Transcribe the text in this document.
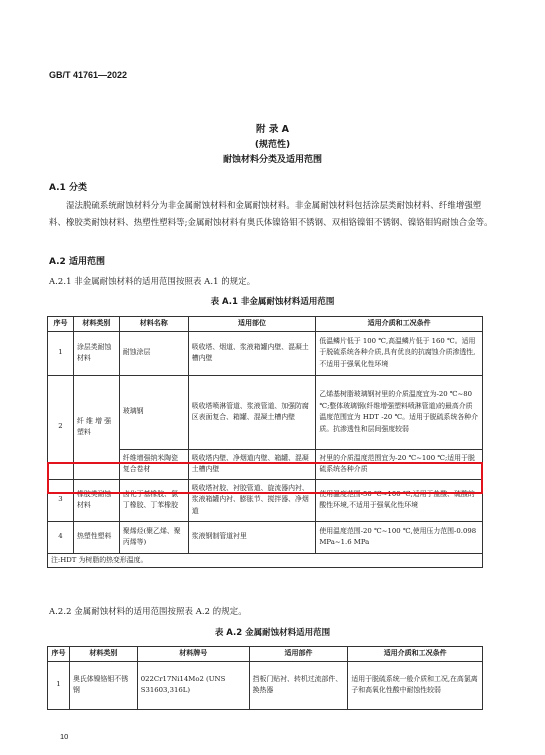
GB/T 41761—2022
附 录 A
(规范性)
耐蚀材料分类及适用范围
A.1 分类
湿法脱硫系统耐蚀材料分为非金属耐蚀材料和金属耐蚀材料。非金属耐蚀材料包括涂层类耐蚀材料、纤维增强塑料、橡胶类耐蚀材料、热塑性塑料等;金属耐蚀材料有奥氏体镍铬钼不锈钢、双相铬镍钼不锈钢、镍铬钼钨耐蚀合金等。
A.2 适用范围
A.2.1 非金属耐蚀材料的适用范围按照表 A.1 的规定。
表 A.1 非金属耐蚀材料适用范围
序号	材料类别	材料名称	适用部位	适用介质和工况条件
1	涂层类耐蚀材料	耐蚀涂层	吸收塔、烟道、浆液箱罐内壁、混凝土槽内壁	低温鳞片低于 100 ℃,高温鳞片低于 160 ℃。适用于脱硫系统各种介质,具有优良的抗腐蚀介质渗透性,不适用于强氧化性环境
2	纤 维 增 强 塑料	玻璃钢	吸收塔喷淋管道、浆液管道、加强防腐区表面复合、箱罐、混凝土槽内壁	乙烯基树脂玻璃钢衬里的介质温度宜为-20 ℃~80 ℃;整体玻璃钢(纤维增强塑料喷淋管道)的最高介质温度范围宜为 HDT -20 ℃。适用于脱硫系统各种介质。抗渗透性和层间强度较弱
		纤维增强纳米陶瓷复合卷材	吸收塔内壁、净烟道内壁、箱罐、混凝土槽内壁	衬里的介质温度范围宜为-20 ℃~100 ℃;适用于脱硫系统各种介质
3	橡胶类耐蚀材料	卤化丁基橡胶、氯丁橡胶、丁苯橡胶	吸收塔衬胶、衬胶管道、旋流器内衬、浆液箱罐内衬、膨胀节、搅拌器、净烟道	使用温度范围-50 ℃~100 ℃,适用于盐酸、硫酸的酸性环境,不适用于强氧化性环境
4	热塑性塑料	聚烯烃(聚乙烯、聚丙烯等)	浆液钢制管道衬里	使用温度范围-20 ℃~100 ℃,使用压力范围-0.098 MPa~1.6 MPa
注:HDT 为树脂的热变形温度。				
A.2.2 金属耐蚀材料的适用范围按照表 A.2 的规定。
表 A.2 金属耐蚀材料适用范围
序号	材料类别	材料牌号	适用部件	适用介质和工况条件
1	奥氏体镍铬钼不锈钢	022Cr17Ni14Mo2 (UNS S31603,316L)	挡板门贴衬、转机过流部件、换热器	适用于脱硫系统一般介质和工况,在高氯离子和高氧化性酸中耐蚀性较弱
10
